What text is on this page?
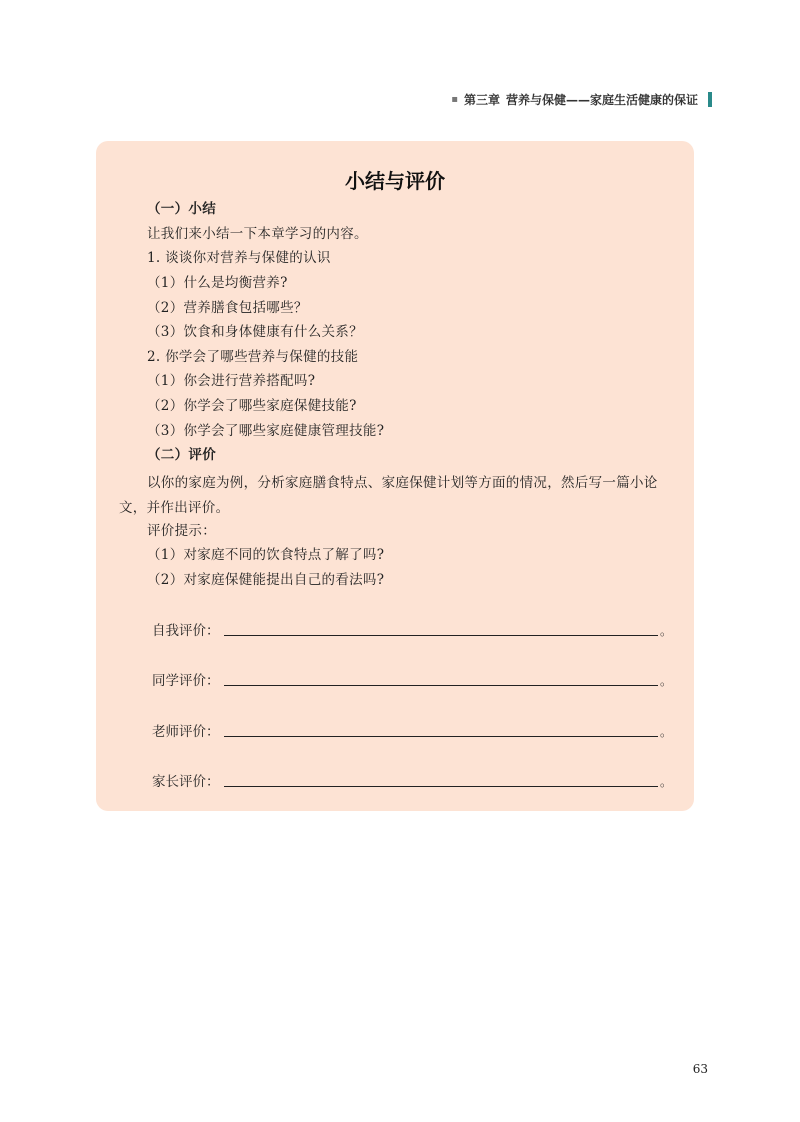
▪ 第三章 营养与保健——家庭生活健康的保证
小结与评价
（一）小结
让我们来小结一下本章学习的内容。
1. 谈谈你对营养与保健的认识
（1）什么是均衡营养?
（2）营养膳食包括哪些？
（3）饮食和身体健康有什么关系？
2. 你学会了哪些营养与保健的技能
（1）你会进行营养搭配吗?
（2）你学会了哪些家庭保健技能?
（3）你学会了哪些家庭健康管理技能?
（二）评价
以你的家庭为例，分析家庭膳食特点、家庭保健计划等方面的情况，然后写一篇小论文，并作出评价。
评价提示：
（1）对家庭不同的饮食特点了解了吗?
（2）对家庭保健能提出自己的看法吗?
自我评价：	。
同学评价：	。
老师评价：	。
家长评价：	。
63
